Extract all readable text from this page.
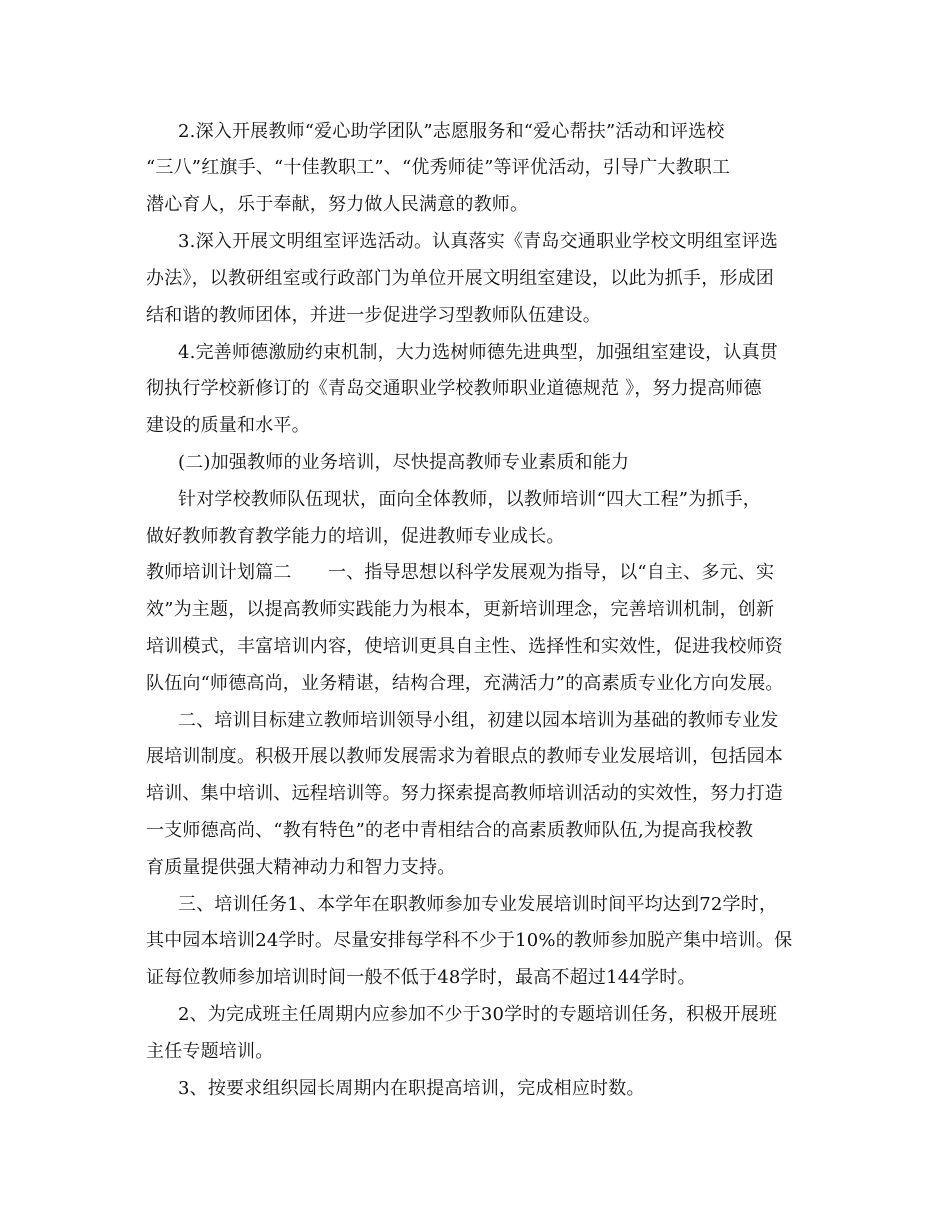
2.深入开展教师“爱心助学团队”志愿服务和“爱心帮扶”活动和评选校
“三八”红旗手、“十佳教职工”、“优秀师徒”等评优活动，引导广大教职工
潜心育人，乐于奉献，努力做人民满意的教师。
3.深入开展文明组室评选活动。认真落实《青岛交通职业学校文明组室评选
办法》，以教研组室或行政部门为单位开展文明组室建设，以此为抓手，形成团
结和谐的教师团体，并进一步促进学习型教师队伍建设。
4.完善师德激励约束机制，大力选树师德先进典型，加强组室建设，认真贯
彻执行学校新修订的《青岛交通职业学校教师职业道德规范 》，努力提高师德
建设的质量和水平。
(二)加强教师的业务培训，尽快提高教师专业素质和能力
针对学校教师队伍现状，面向全体教师，以教师培训“四大工程”为抓手，
做好教师教育教学能力的培训，促进教师专业成长。
教师培训计划篇二　　一、指导思想以科学发展观为指导，以“自主、多元、实
效”为主题，以提高教师实践能力为根本，更新培训理念，完善培训机制，创新
培训模式，丰富培训内容，使培训更具自主性、选择性和实效性，促进我校师资
队伍向“师德高尚，业务精谌，结构合理，充满活力”的高素质专业化方向发展。
二、培训目标建立教师培训领导小组，初建以园本培训为基础的教师专业发
展培训制度。积极开展以教师发展需求为着眼点的教师专业发展培训，包括园本
培训、集中培训、远程培训等。努力探索提高教师培训活动的实效性，努力打造
一支师德高尚、“教有特色”的老中青相结合的高素质教师队伍,为提高我校教
育质量提供强大精神动力和智力支持。
三、培训任务1、本学年在职教师参加专业发展培训时间平均达到72学时，
其中园本培训24学时。尽量安排每学科不少于10%的教师参加脱产集中培训。保
证每位教师参加培训时间一般不低于48学时，最高不超过144学时。
2、为完成班主任周期内应参加不少于30学时的专题培训任务，积极开展班
主任专题培训。
3、按要求组织园长周期内在职提高培训，完成相应时数。
